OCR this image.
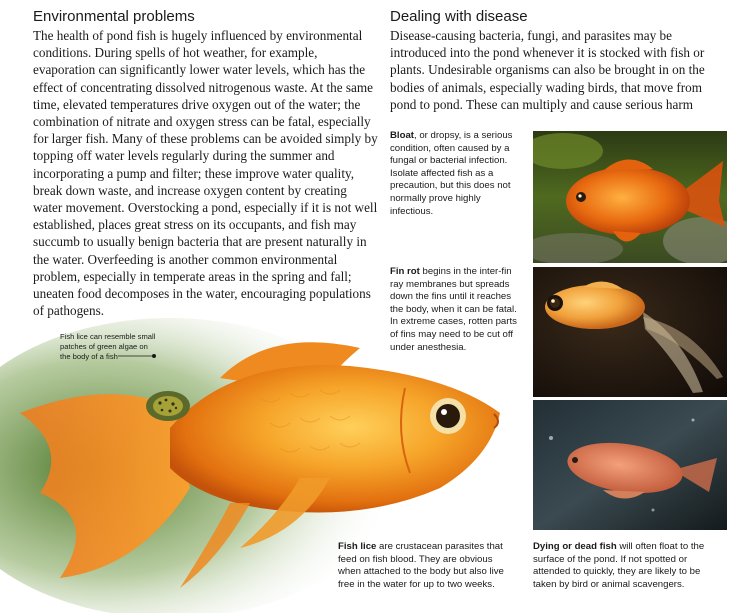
Environmental problems

The health of pond fish is hugely influenced by environmental conditions. During spells of hot weather, for example, evaporation can significantly lower water levels, which has the effect of concentrating dissolved nitrogenous waste. At the same time, elevated temperatures drive oxygen out of the water; the combination of nitrate and oxygen stress can be fatal, especially for larger fish. Many of these problems can be avoided simply by topping off water levels regularly during the summer and incorporating a pump and filter; these improve water quality, break down waste, and increase oxygen content by creating water movement. Overstocking a pond, especially if it is not well established, places great stress on its occupants, and fish may succumb to usually benign bacteria that are present naturally in the water. Overfeeding is another common environmental problem, especially in temperate areas in the spring and fall; uneaten food decomposes in the water, encouraging populations of pathogens.

Dealing with disease

Disease-causing bacteria, fungi, and parasites may be introduced into the pond whenever it is stocked with fish or plants. Undesirable organisms can also be brought in on the bodies of animals, especially wading birds, that move from pond to pond. These can multiply and cause serious harm

Bloat, or dropsy, is a serious condition, often caused by a fungal or bacterial infection. Isolate affected fish as a precaution, but this does not normally prove highly infectious.

Fin rot begins in the inter-fin ray membranes but spreads down the fins until it reaches the body, when it can be fatal. In extreme cases, rotten parts of fins may need to be cut off under anesthesia.

Fish lice can resemble small patches of green algae on the body of a fish

Fish lice are crustacean parasites that feed on fish blood. They are obvious when attached to the body but also live free in the water for up to two weeks.

Dying or dead fish will often float to the surface of the pond. If not spotted or attended to quickly, they are likely to be taken by bird or animal scavengers.
